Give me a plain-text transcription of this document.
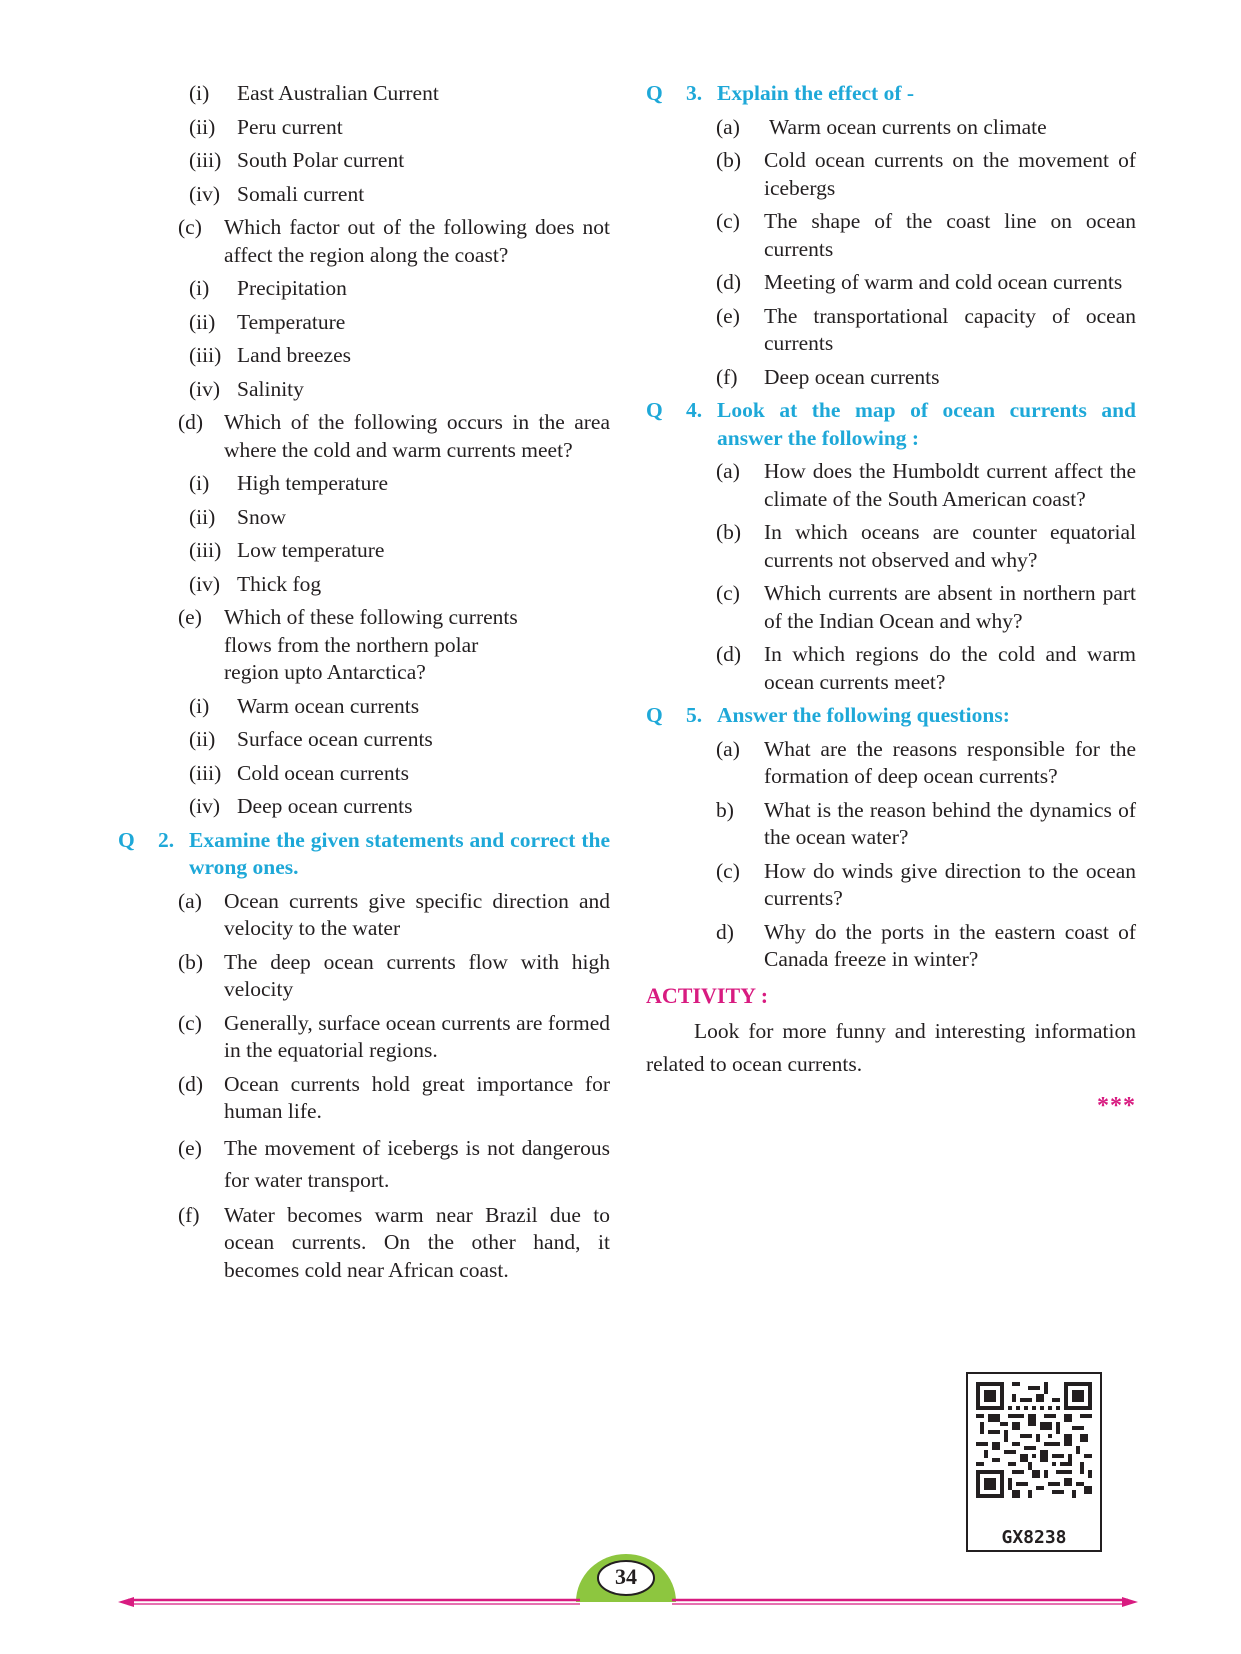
(i)	East Australian Current
(ii)	Peru current
(iii) South Polar current
(iv) Somali current
(c)	Which factor out of the following does not affect the region along the coast?
(i)	Precipitation
(ii)	Temperature
(iii) Land breezes
(iv) Salinity
(d) Which of the following occurs in the area where the cold and warm currents meet?
(i)	High temperature
(ii)	Snow
(iii) Low temperature
(iv) Thick fog
(e)	Which of these following currents flows from the northern polar region upto Antarctica?
(i)	Warm ocean currents
(ii)	Surface ocean currents
(iii) Cold ocean currents
(iv) Deep ocean currents
Q	2. Examine the given statements and correct the wrong ones.
(a)	Ocean currents give specific direction and velocity to the water
(b) The deep ocean currents flow with high velocity
(c)	Generally, surface ocean currents are formed in the equatorial regions.
(d) Ocean currents hold great importance for human life.
(e)	The movement of icebergs is not dangerous for water transport.
(f)	Water becomes warm near Brazil due to ocean currents. On the other hand, it becomes cold near African coast.
Q	3. Explain the effect of -
(a)	Warm ocean currents on climate
(b)	Cold ocean currents on the movement of icebergs
(c)	The shape of the coast line on ocean currents
(d)	Meeting of warm and cold ocean currents
(e)	The transportational capacity of ocean currents
(f)	Deep ocean currents
Q	4. Look at the map of ocean currents and answer the following :
(a)	How does the Humboldt current affect the climate of the South American coast?
(b)	In which oceans are counter equatorial currents not observed and why?
(c)	Which currents are absent in northern part of the Indian Ocean and why?
(d)	In which regions do the cold and warm ocean currents meet?
Q	5. Answer the following questions:
(a)	What are the reasons responsible for the formation of deep ocean currents?
b)	What is the reason behind the dynamics of the ocean water?
(c)	How do winds give direction to the ocean currents?
d)	Why do the ports in the eastern coast of Canada freeze in winter?
ACTIVITY :
Look for more funny and interesting information related to ocean currents.
***
GX8238
34
